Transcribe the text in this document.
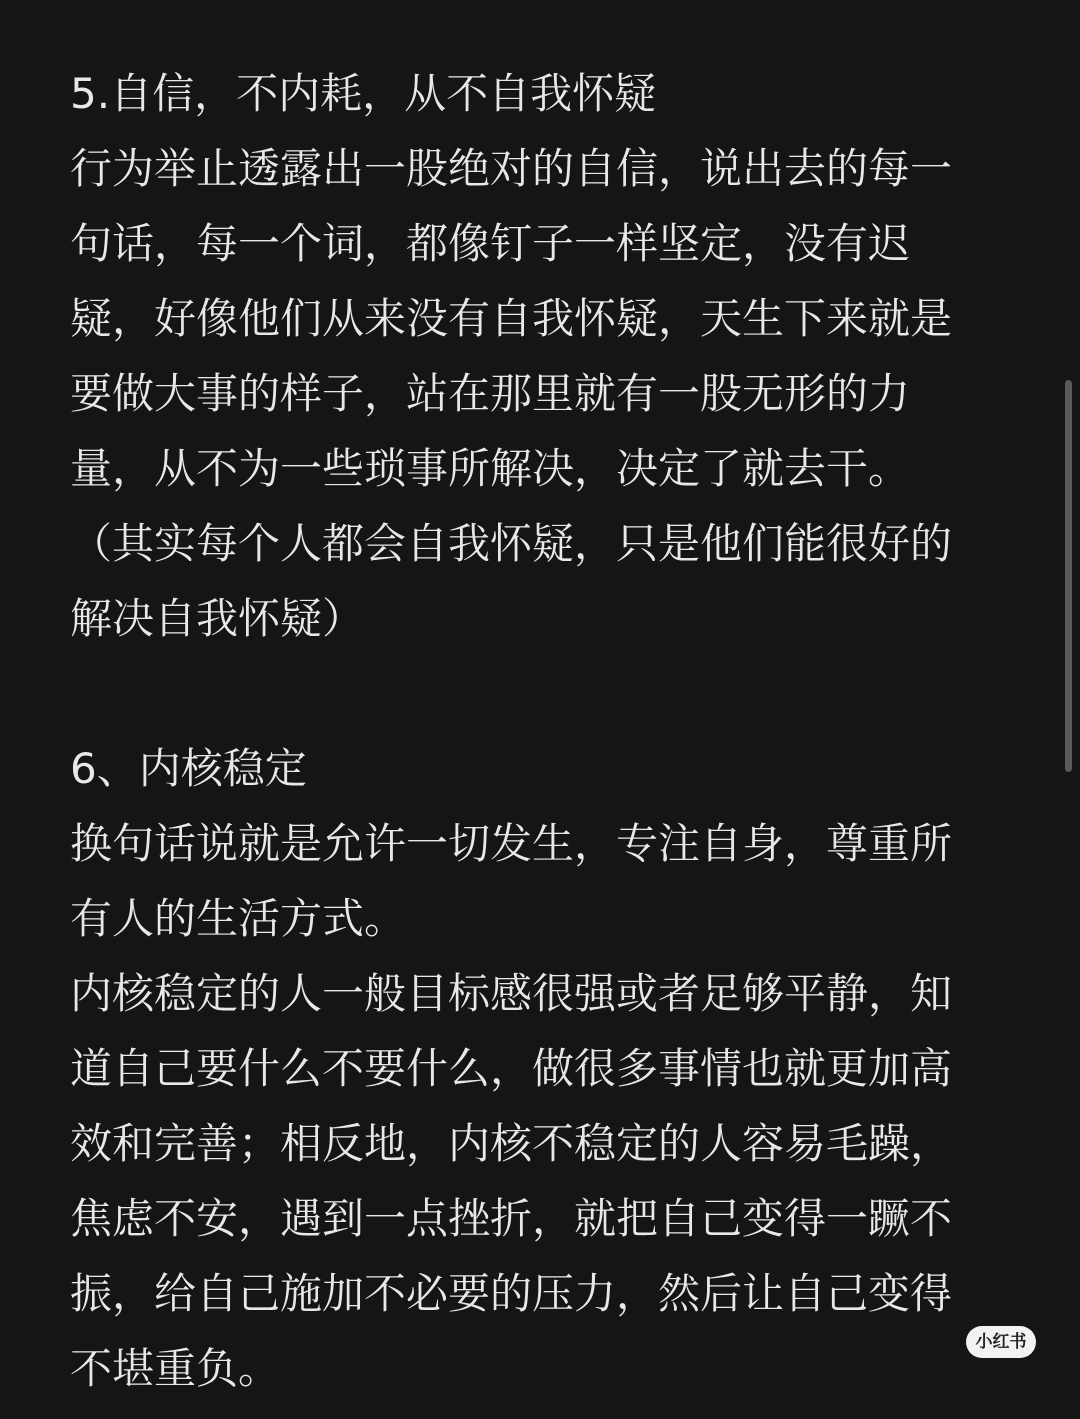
5.自信，不内耗，从不自我怀疑
行为举止透露出一股绝对的自信，说出去的每一
句话，每一个词，都像钉子一样坚定，没有迟
疑，好像他们从来没有自我怀疑，天生下来就是
要做大事的样子，站在那里就有一股无形的力
量，从不为一些琐事所解决，决定了就去干。
（其实每个人都会自我怀疑，只是他们能很好的
解决自我怀疑）
6、内核稳定
换句话说就是允许一切发生，专注自身，尊重所
有人的生活方式。
内核稳定的人一般目标感很强或者足够平静，知
道自己要什么不要什么，做很多事情也就更加高
效和完善；相反地，内核不稳定的人容易毛躁，
焦虑不安，遇到一点挫折，就把自己变得一蹶不
振，给自己施加不必要的压力，然后让自己变得
不堪重负。
小红书
